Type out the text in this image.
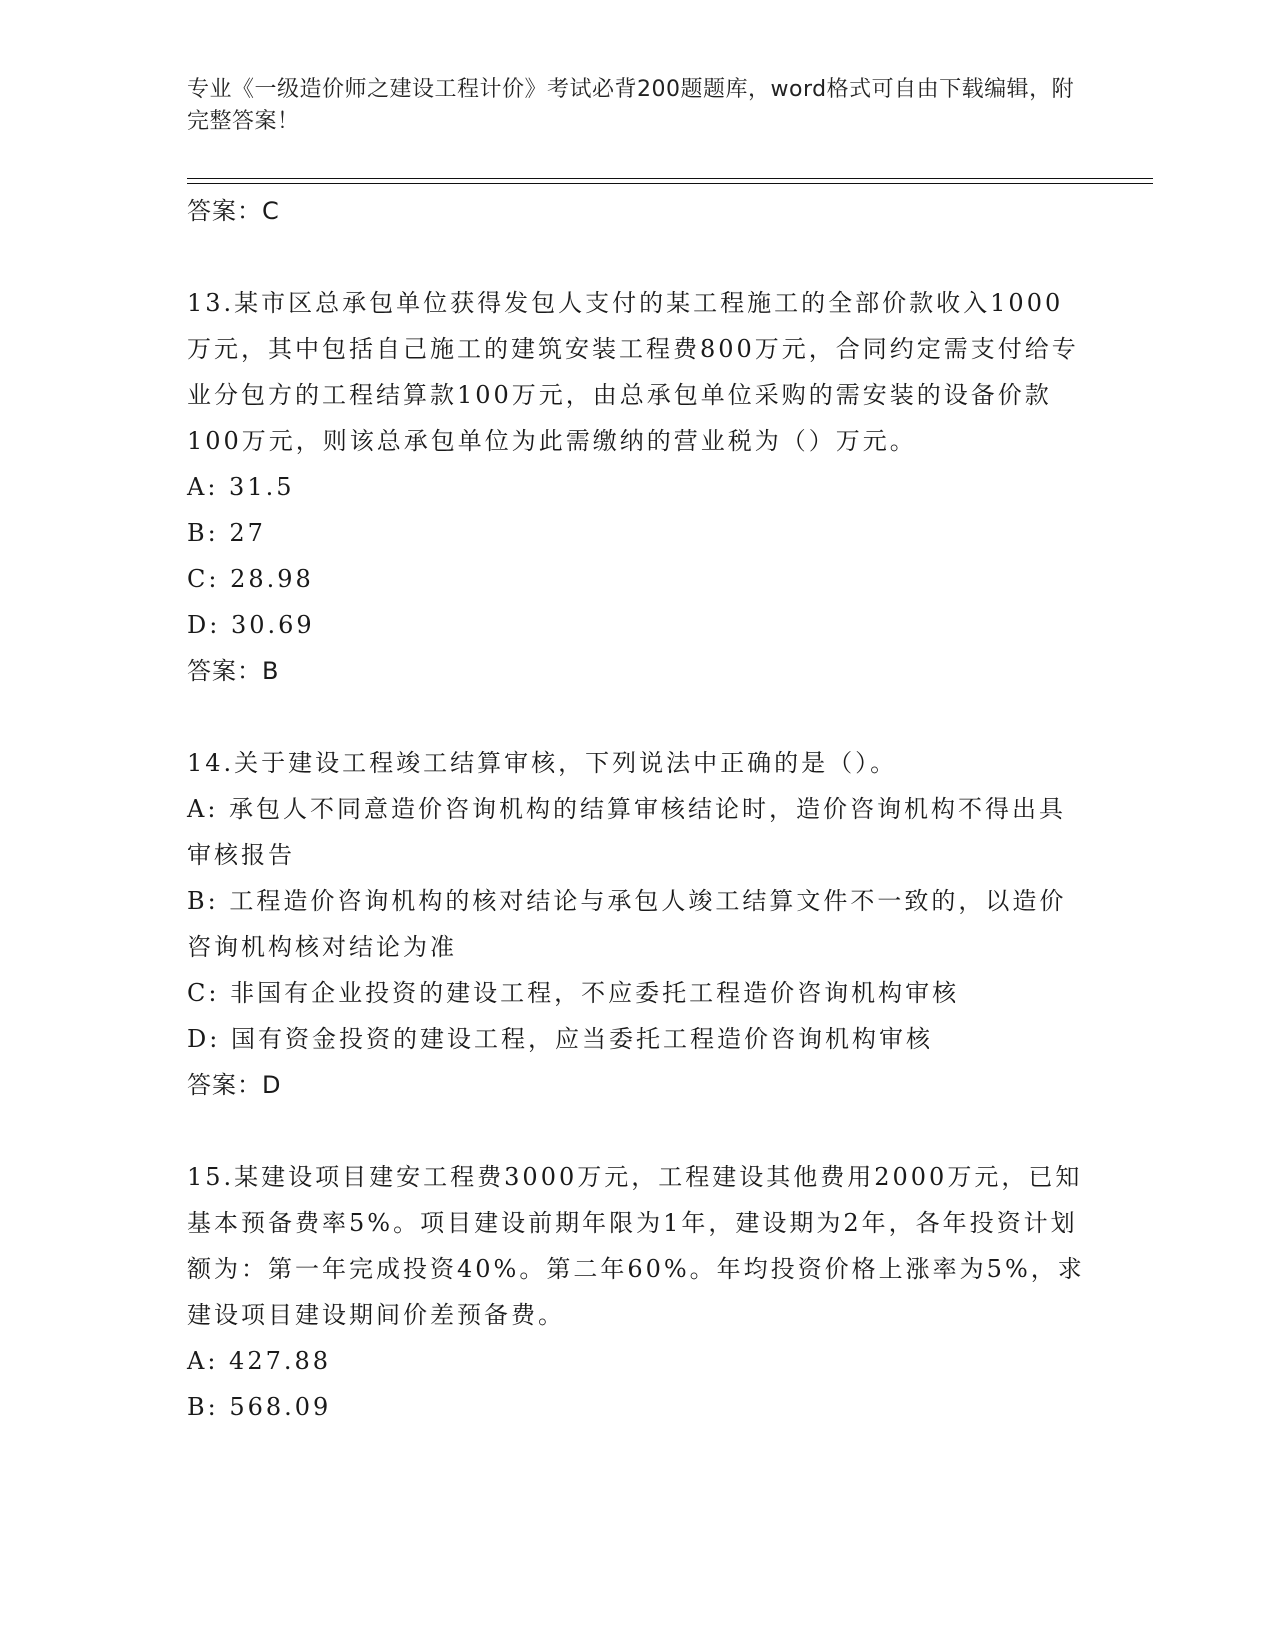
专业《一级造价师之建设工程计价》考试必背200题题库，word格式可自由下载编辑，附完整答案！

答案：C

13.某市区总承包单位获得发包人支付的某工程施工的全部价款收入1000万元，其中包括自己施工的建筑安装工程费800万元，合同约定需支付给专业分包方的工程结算款100万元，由总承包单位采购的需安装的设备价款100万元，则该总承包单位为此需缴纳的营业税为（）万元。

A: 31.5

B: 27

C: 28.98

D: 30.69

答案：B

14.关于建设工程竣工结算审核，下列说法中正确的是（）。

A: 承包人不同意造价咨询机构的结算审核结论时，造价咨询机构不得出具审核报告

B: 工程造价咨询机构的核对结论与承包人竣工结算文件不一致的，以造价咨询机构核对结论为准

C: 非国有企业投资的建设工程，不应委托工程造价咨询机构审核

D: 国有资金投资的建设工程，应当委托工程造价咨询机构审核

答案：D

15.某建设项目建安工程费3000万元，工程建设其他费用2000万元，已知基本预备费率5%。项目建设前期年限为1年，建设期为2年，各年投资计划额为：第一年完成投资40%。第二年60%。年均投资价格上涨率为5%，求建设项目建设期间价差预备费。

A: 427.88

B: 568.09
